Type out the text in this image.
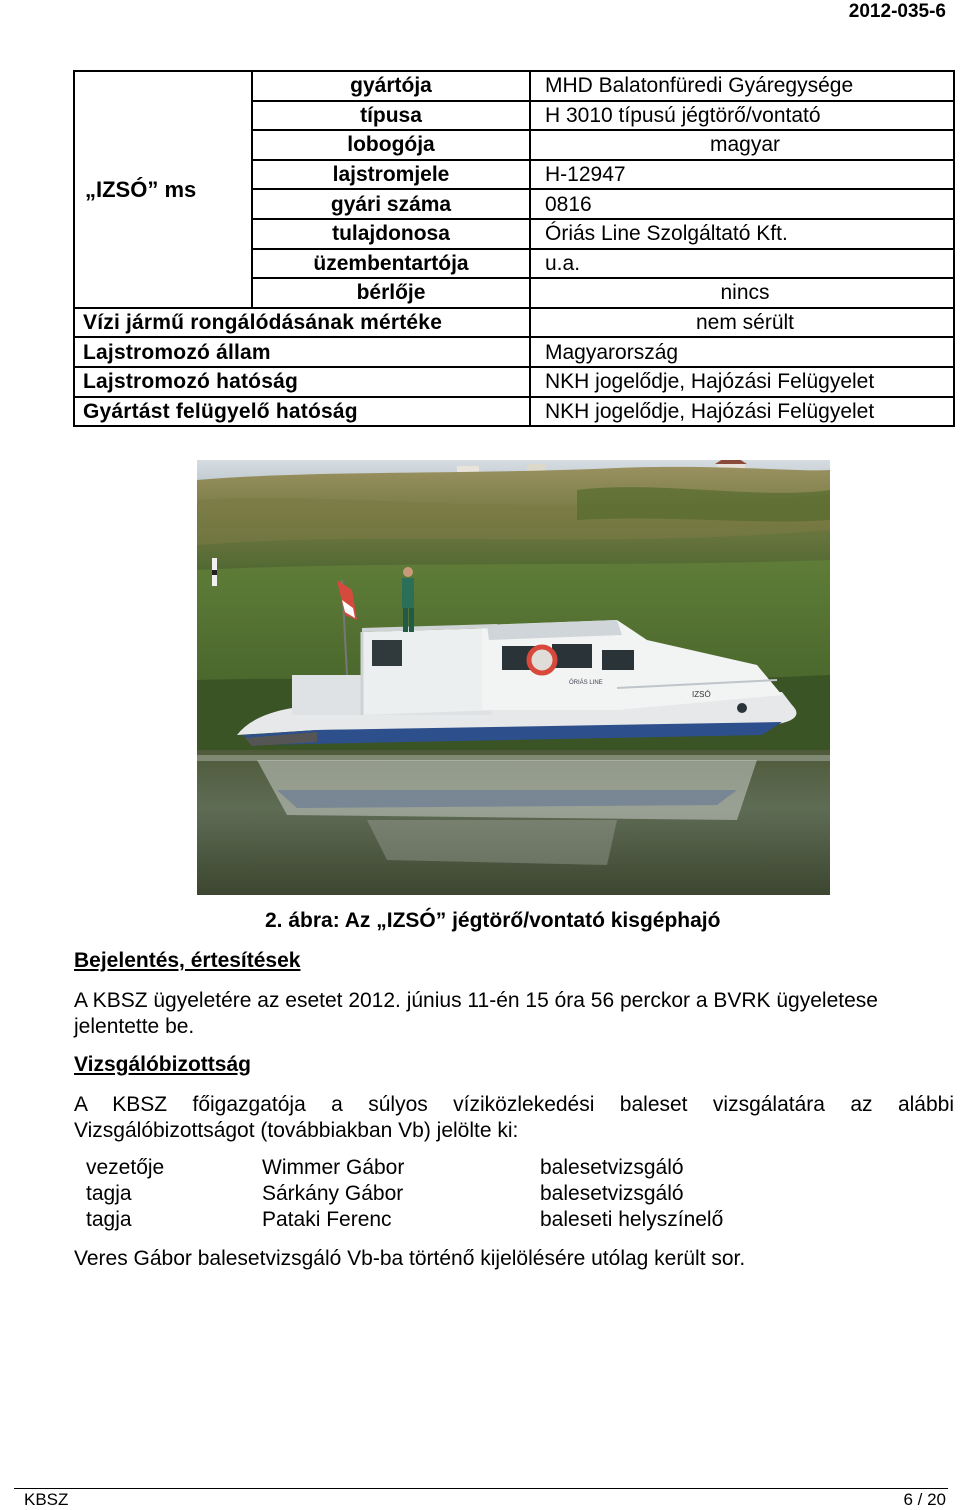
2012-035-6
„IZSÓ” ms	gyártója	MHD Balatonfüredi Gyáregysége
	típusa	H 3010 típusú jégtörő/vontató
	lobogója	magyar
	lajstromjele	H-12947
	gyári száma	0816
	tulajdonosa	Óriás Line Szolgáltató Kft.
	üzembentartója	u.a.
	bérlője	nincs
Vízi jármű rongálódásának mértéke		nem sérült
Lajstromozó állam		Magyarország
Lajstromozó hatóság		NKH jogelődje, Hajózási Felügyelet
Gyártást felügyelő hatóság		NKH jogelődje, Hajózási Felügyelet
IZSÓ
ÓRIÁS LINE
2. ábra: Az „IZSÓ” jégtörő/vontató kisgéphajó
Bejelentés, értesítések
A KBSZ ügyeletére az esetet 2012. június 11-én 15 óra 56 perckor a BVRK ügyeletese jelentette be.
Vizsgálóbizottság
A KBSZ főigazgatója a súlyos víziközlekedési baleset vizsgálatára az alábbi
Vizsgálóbizottságot (továbbiakban Vb) jelölte ki:
vezetője	Wimmer Gábor	balesetvizsgáló
tagja	Sárkány Gábor	balesetvizsgáló
tagja	Pataki Ferenc	baleseti helyszínelő
Veres Gábor balesetvizsgáló Vb-ba történő kijelölésére utólag került sor.
KBSZ	6 / 20
